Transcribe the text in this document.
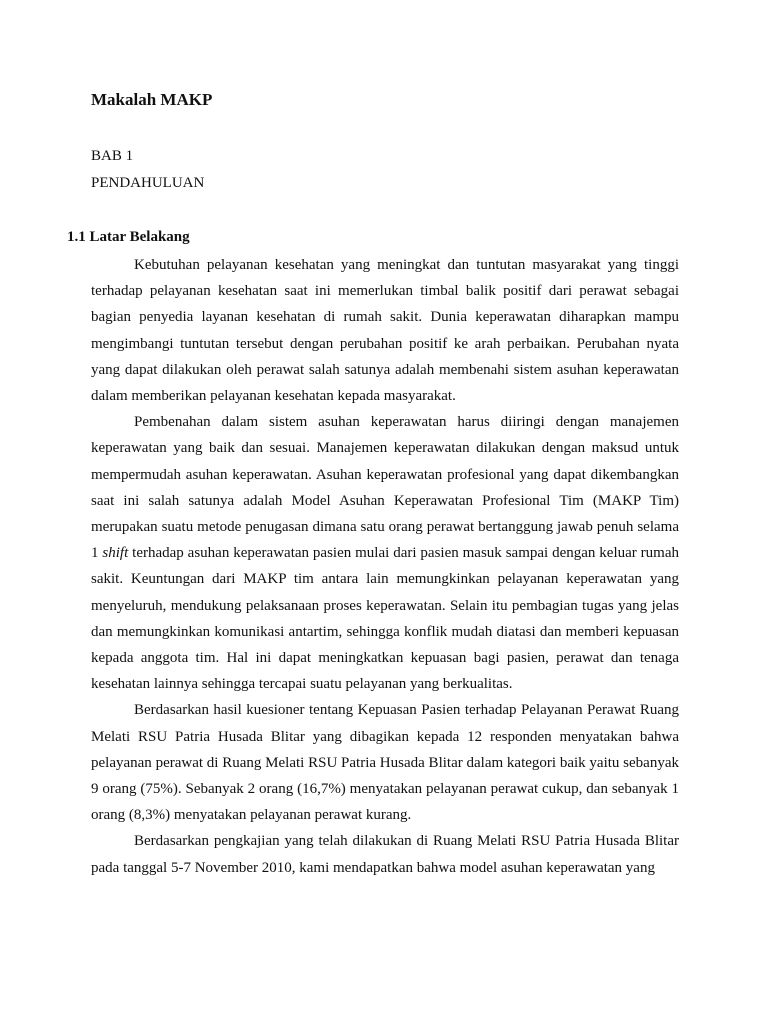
Makalah MAKP
BAB 1
PENDAHULUAN
1.1 Latar Belakang

Kebutuhan pelayanan kesehatan yang meningkat dan tuntutan masyarakat yang tinggi terhadap pelayanan kesehatan saat ini memerlukan timbal balik positif dari perawat sebagai bagian penyedia layanan kesehatan di rumah sakit. Dunia keperawatan diharapkan mampu mengimbangi tuntutan tersebut dengan perubahan positif ke arah perbaikan. Perubahan nyata yang dapat dilakukan oleh perawat salah satunya adalah membenahi sistem asuhan keperawatan dalam memberikan pelayanan kesehatan kepada masyarakat.

Pembenahan dalam sistem asuhan keperawatan harus diiringi dengan manajemen keperawatan yang baik dan sesuai. Manajemen keperawatan dilakukan dengan maksud untuk mempermudah asuhan keperawatan. Asuhan keperawatan profesional yang dapat dikembangkan saat ini salah satunya adalah Model Asuhan Keperawatan Profesional Tim (MAKP Tim) merupakan suatu metode penugasan dimana satu orang perawat bertanggung jawab penuh selama 1 shift terhadap asuhan keperawatan pasien mulai dari pasien masuk sampai dengan keluar rumah sakit. Keuntungan dari MAKP tim antara lain memungkinkan pelayanan keperawatan yang menyeluruh, mendukung pelaksanaan proses keperawatan. Selain itu pembagian tugas yang jelas dan memungkinkan komunikasi antartim, sehingga konflik mudah diatasi dan memberi kepuasan kepada anggota tim. Hal ini dapat meningkatkan kepuasan bagi pasien, perawat dan tenaga kesehatan lainnya sehingga tercapai suatu pelayanan yang berkualitas.

Berdasarkan hasil kuesioner tentang Kepuasan Pasien terhadap Pelayanan Perawat Ruang Melati RSU Patria Husada Blitar yang dibagikan kepada 12 responden menyatakan bahwa pelayanan perawat di Ruang Melati RSU Patria Husada Blitar dalam kategori baik yaitu sebanyak 9 orang (75%). Sebanyak 2 orang (16,7%) menyatakan pelayanan perawat cukup, dan sebanyak 1 orang (8,3%) menyatakan pelayanan perawat kurang.

Berdasarkan pengkajian yang telah dilakukan di Ruang Melati RSU Patria Husada Blitar pada tanggal 5-7 November 2010, kami mendapatkan bahwa model asuhan keperawatan yang
